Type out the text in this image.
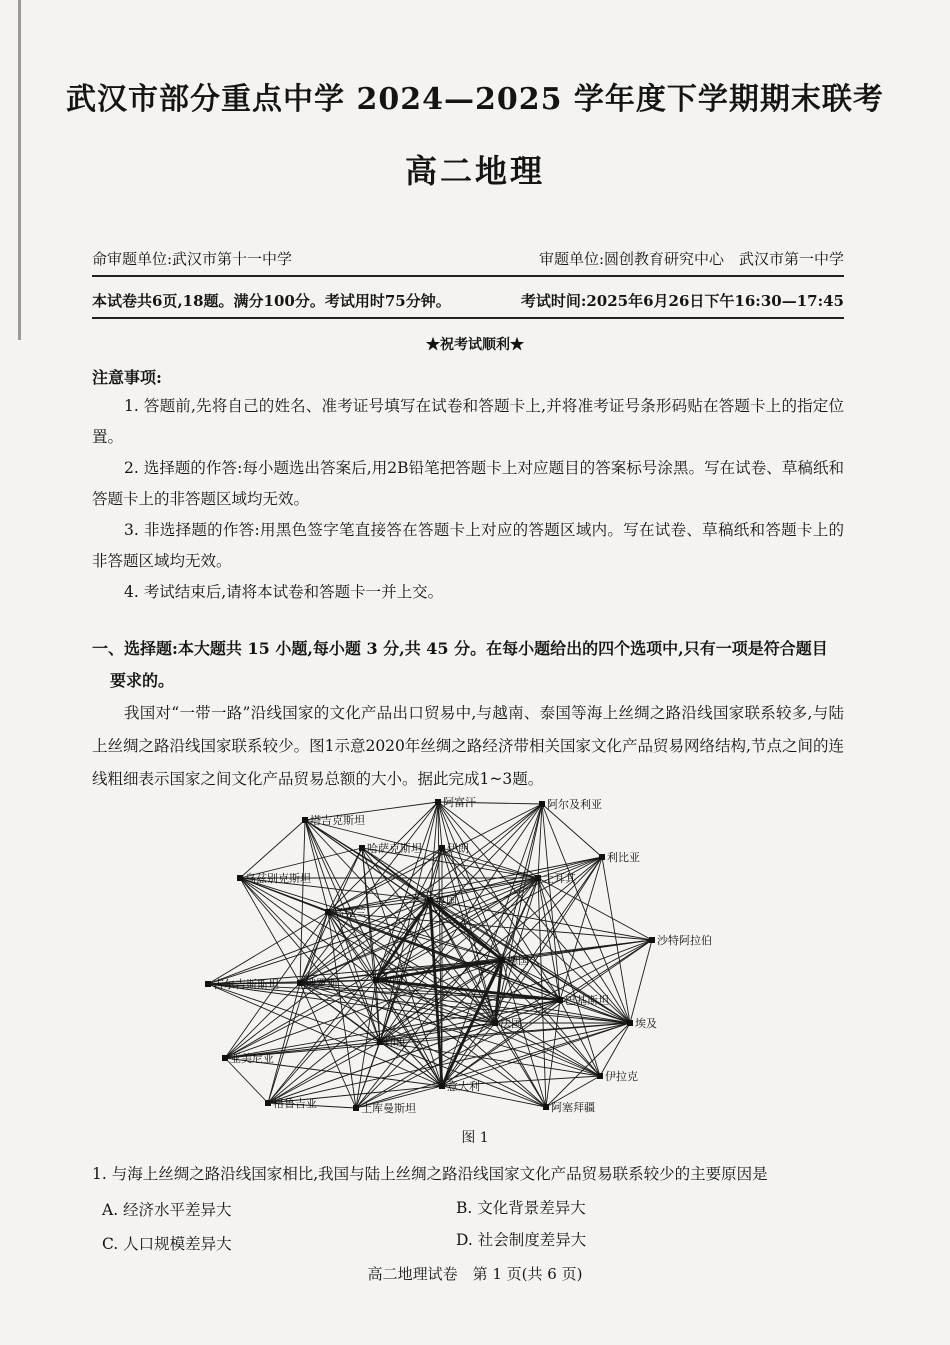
武汉市部分重点中学 2024—2025 学年度下学期期末联考
高二地理
命审题单位:武汉市第十一中学	审题单位:圆创教育研究中心　武汉市第一中学
本试卷共6页,18题。满分100分。考试用时75分钟。	考试时间:2025年6月26日下午16:30—17:45
★祝考试顺利★
注意事项:
1. 答题前,先将自己的姓名、准考证号填写在试卷和答题卡上,并将准考证号条形码贴在答题卡上的指定位置。
2. 选择题的作答:每小题选出答案后,用2B铅笔把答题卡上对应题目的答案标号涂黑。写在试卷、草稿纸和答题卡上的非答题区域均无效。
3. 非选择题的作答:用黑色签字笔直接答在答题卡上对应的答题区域内。写在试卷、草稿纸和答题卡上的非答题区域均无效。
4. 考试结束后,请将本试卷和答题卡一并上交。
一、选择题:本大题共 15 小题,每小题 3 分,共 45 分。在每小题给出的四个选项中,只有一项是符合题目
要求的。
我国对“一带一路”沿线国家的文化产品出口贸易中,与越南、泰国等海上丝绸之路沿线国家联系较多,与陆上丝绸之路沿线国家联系较少。图1示意2020年丝绸之路经济带相关国家文化产品贸易网络结构,节点之间的连线粗细表示国家之间文化产品贸易总额的大小。据此完成1~3题。
塔吉克斯坦
阿富汗	阿尔及利亚
哈萨克斯坦 伊朗
利比亚
乌兹别克斯坦	土耳其
英国
乌克兰
沙特阿拉伯
德国
吉尔吉斯斯坦 俄罗斯	中国
巴基斯坦
法国	埃及
印度
亚美尼亚
伊拉克
意大利
格鲁吉亚	土库曼斯坦	阿塞拜疆
图 1
1. 与海上丝绸之路沿线国家相比,我国与陆上丝绸之路沿线国家文化产品贸易联系较少的主要原因是
A. 经济水平差异大	B. 文化背景差异大
C. 人口规模差异大	D. 社会制度差异大
高二地理试卷　第 1 页(共 6 页)
